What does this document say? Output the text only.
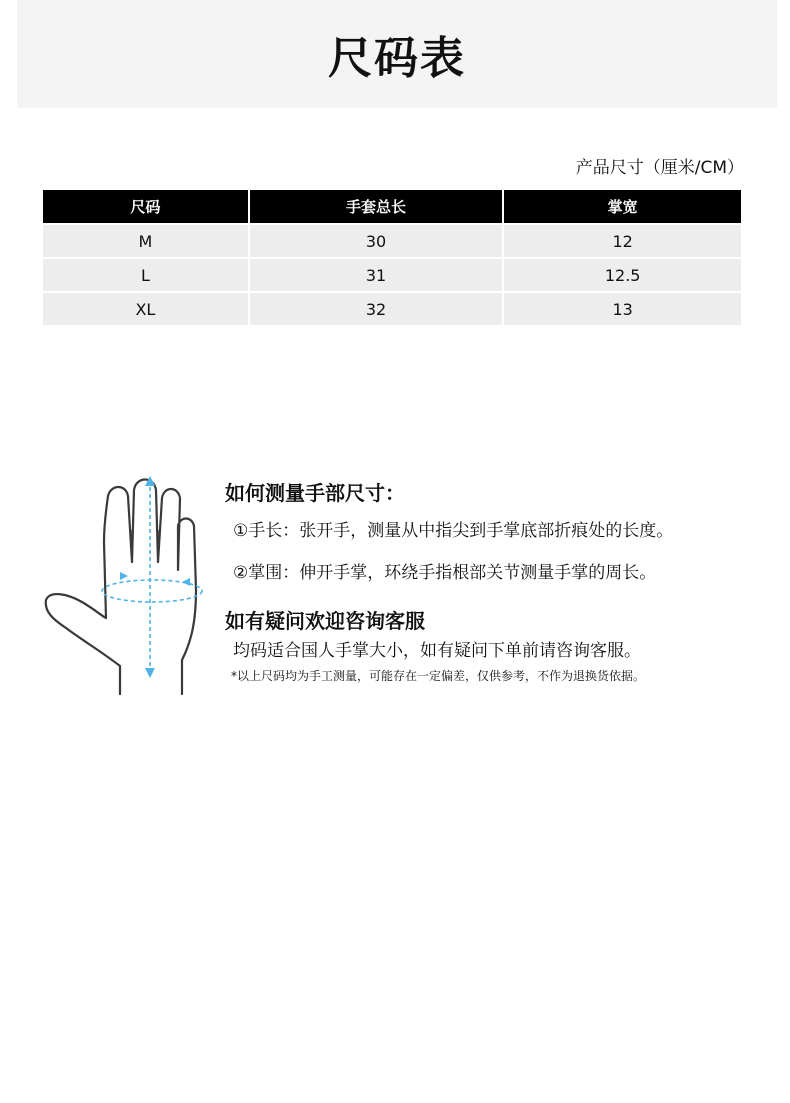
尺码表
产品尺寸（厘米/CM）
尺码	手套总长	掌宽
M	30	12
L	31	12.5
XL	32	13

如何测量手部尺寸：

①手长：张开手，测量从中指尖到手掌底部折痕处的长度。

②掌围：伸开手掌，环绕手指根部关节测量手掌的周长。

如有疑问欢迎咨询客服

均码适合国人手掌大小，如有疑问下单前请咨询客服。

*以上尺码均为手工测量，可能存在一定偏差，仅供参考，不作为退换货依据。
